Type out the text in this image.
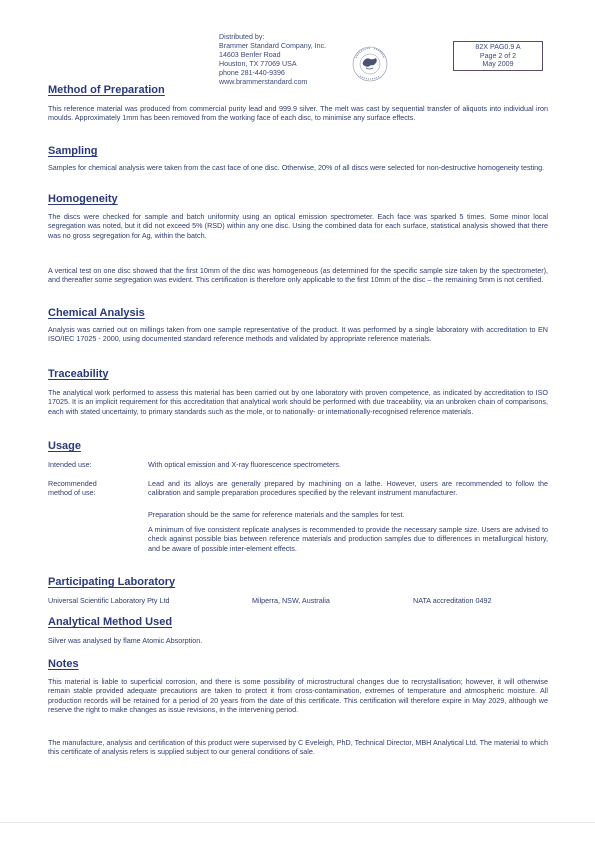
Distributed by:
Brammer Standard Company, Inc.
14603 Benfer Road
Houston, TX 77069 USA
phone 281-440-9396
www.brammerstandard.com
82X PAG0.9 A
Page 2 of 2
May 2009
Method of Preparation

This reference material was produced from commercial purity lead and 999.9 silver. The melt was cast by sequential transfer of aliquots into individual iron moulds. Approximately 1mm has been removed from the working face of each disc, to minimise any surface effects.

Sampling

Samples for chemical analysis were taken from the cast face of one disc. Otherwise, 20% of all discs were selected for non-destructive homogeneity testing.

Homogeneity

The discs were checked for sample and batch uniformity using an optical emission spectrometer. Each face was sparked 5 times. Some minor local segregation was noted, but it did not exceed 5% (RSD) within any one disc. Using the combined data for each surface, statistical analysis showed that there was no gross segregation for Ag, within the batch.

A vertical test on one disc showed that the first 10mm of the disc was homogeneous (as determined for the specific sample size taken by the spectrometer), and thereafter some segregation was evident. This certification is therefore only applicable to the first 10mm of the disc – the remaining 5mm is not certified.

Chemical Analysis

Analysis was carried out on millings taken from one sample representative of the product. It was performed by a single laboratory with accreditation to EN ISO/IEC 17025 - 2000, using documented standard reference methods and validated by appropriate reference materials.

Traceability

The analytical work performed to assess this material has been carried out by one laboratory with proven competence, as indicated by accreditation to ISO 17025. It is an implicit requirement for this accreditation that analytical work should be performed with due traceability, via an unbroken chain of comparisons, each with stated uncertainty, to primary standards such as the mole, or to nationally- or internationally-recognised reference materials.

Usage
Intended use:	With optical emission and X-ray fluorescence spectrometers.

Recommended
method of use:

Lead and its alloys are generally prepared by machining on a lathe. However, users are recommended to follow the calibration and sample preparation procedures specified by the relevant instrument manufacturer.

Preparation should be the same for reference materials and the samples for test.

A minimum of five consistent replicate analyses is recommended to provide the necessary sample size. Users are advised to check against possible bias between reference materials and production samples due to differences in metallurgical history, and be aware of possible inter-element effects.

Participating Laboratory
Universal Scientific Laboratory Pty Ltd	Milperra, NSW, Australia	NATA accreditation 0492
Analytical Method Used

Silver was analysed by flame Atomic Absorption.

Notes

This material is liable to superficial corrosion, and there is some possibility of microstructural changes due to recrystallisation; however, it will otherwise remain stable provided adequate precautions are taken to protect it from cross-contamination, extremes of temperature and atmospheric moisture. All production records will be retained for a period of 20 years from the date of this certificate. This certification will therefore expire in May 2029, although we reserve the right to make changes as issue revisions, in the intervening period.

The manufacture, analysis and certification of this product were supervised by C Eveleigh, PhD, Technical Director, MBH Analytical Ltd. The material to which this certificate of analysis refers is supplied subject to our general conditions of sale.
